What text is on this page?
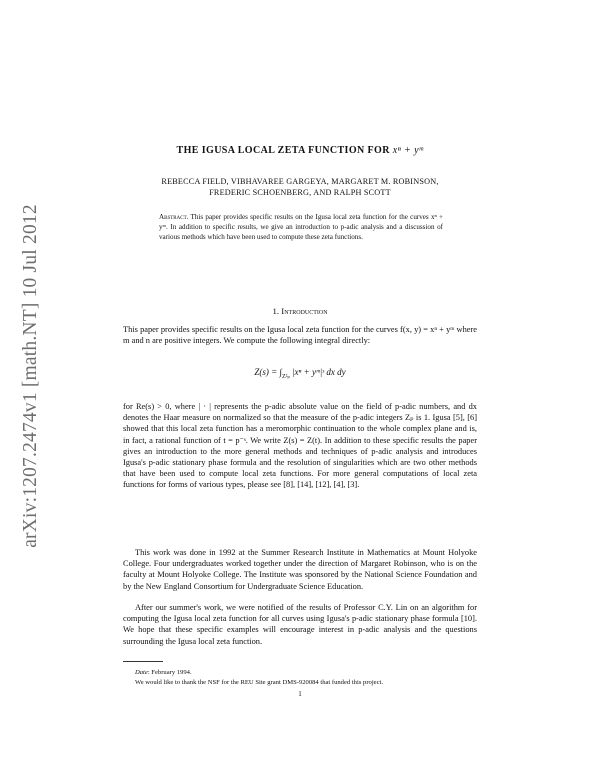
arXiv:1207.2474v1 [math.NT] 10 Jul 2012
THE IGUSA LOCAL ZETA FUNCTION FOR xⁿ + yᵐ
REBECCA FIELD, VIBHAVAREE GARGEYA, MARGARET M. ROBINSON,
FREDERIC SCHOENBERG, AND RALPH SCOTT
Abstract. This paper provides specific results on the Igusa local zeta function for the curves xⁿ + yᵐ. In addition to specific results, we give an introduction to p-adic analysis and a discussion of various methods which have been used to compute these zeta functions.
1. Introduction

This paper provides specific results on the Igusa local zeta function for the curves f(x, y) = xⁿ + yᵐ where m and n are positive integers. We compute the following integral directly:

$Z(s) = \int_{Z^2_p}$ |xⁿ + yᵐ|ˢ dx dy

for Re(s) > 0, where | · | represents the p-adic absolute value on the field of p-adic numbers, and dx denotes the Haar measure on normalized so that the measure of the p-adic integers Zₚ is 1. Igusa [5], [6] showed that this local zeta function has a meromorphic continuation to the whole complex plane and is, in fact, a rational function of t = p⁻ˢ. We write Z(s) = Z(t). In addition to these specific results the paper gives an introduction to the more general methods and techniques of p-adic analysis and introduces Igusa's p-adic stationary phase formula and the resolution of singularities which are two other methods that have been used to compute local zeta functions. For more general computations of local zeta functions for forms of various types, please see [8], [14], [12], [4], [3].

This work was done in 1992 at the Summer Research Institute in Mathematics at Mount Holyoke College. Four undergraduates worked together under the direction of Margaret Robinson, who is on the faculty at Mount Holyoke College. The Institute was sponsored by the National Science Foundation and by the New England Consortium for Undergraduate Science Education.

After our summer's work, we were notified of the results of Professor C.Y. Lin on an algorithm for computing the Igusa local zeta function for all curves using Igusa's p-adic stationary phase formula [10]. We hope that these specific examples will encourage interest in p-adic analysis and the questions surrounding the Igusa local zeta function.

Date: February 1994.

We would like to thank the NSF for the REU Site grant DMS-920084 that funded this project.

1
